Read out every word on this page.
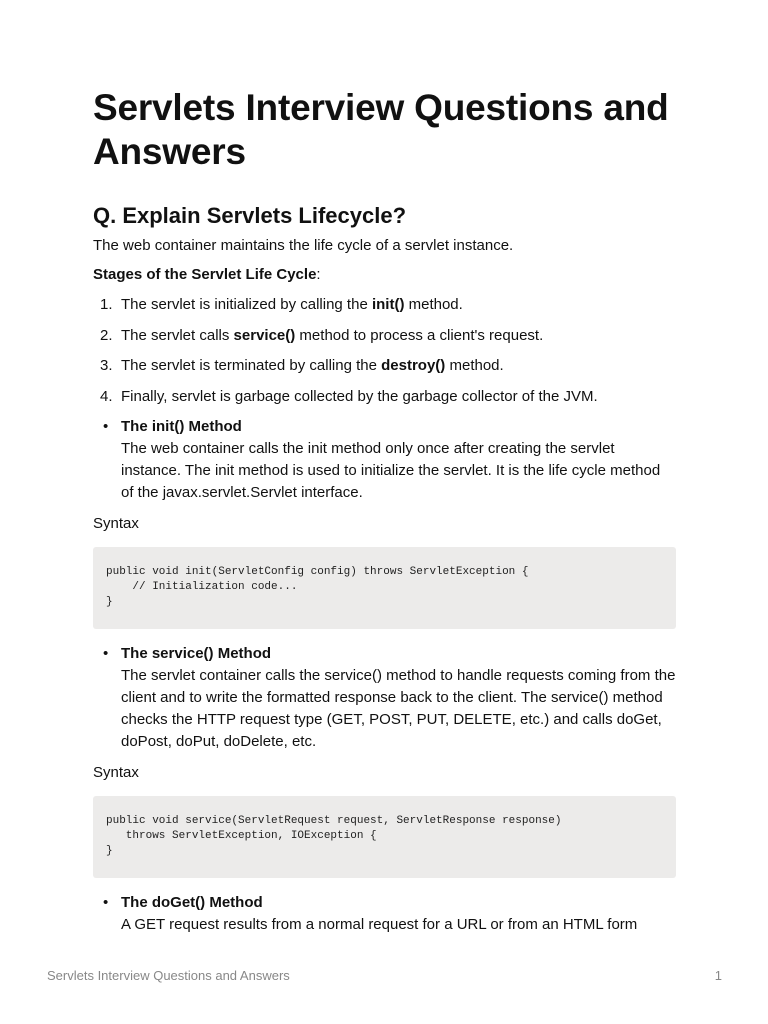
Servlets Interview Questions and Answers
Q. Explain Servlets Lifecycle?

The web container maintains the life cycle of a servlet instance.

Stages of the Servlet Life Cycle:

1. The servlet is initialized by calling the init() method.
2. The servlet calls service() method to process a client's request.
3. The servlet is terminated by calling the destroy() method.
4. Finally, servlet is garbage collected by the garbage collector of the JVM.
• The init() Method
The web container calls the init method only once after creating the servlet instance. The init method is used to initialize the servlet. It is the life cycle method of the javax.servlet.Servlet interface.

Syntax

public void init(ServletConfig config) throws ServletException {
// Initialization code...
}
• The service() Method
The servlet container calls the service() method to handle requests coming from the client and to write the formatted response back to the client. The service() method checks the HTTP request type (GET, POST, PUT, DELETE, etc.) and calls doGet, doPost, doPut, doDelete, etc.

Syntax

public void service(ServletRequest request, ServletResponse response)
throws ServletException, IOException {
}
• The doGet() Method
A GET request results from a normal request for a URL or from an HTML form
Servlets Interview Questions and Answers	1
